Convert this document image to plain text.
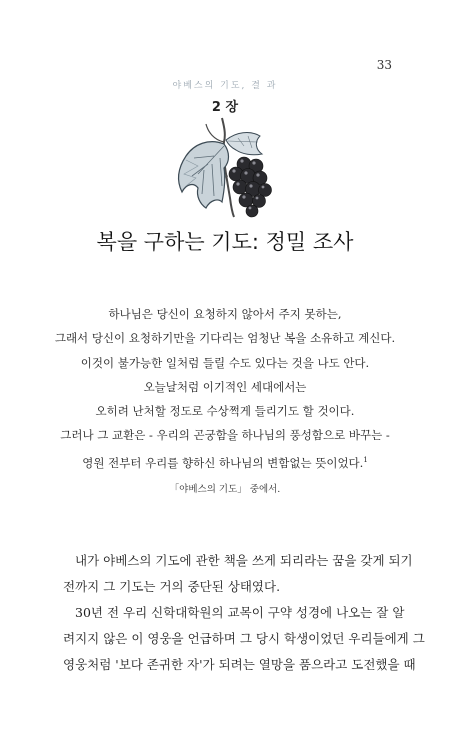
33
야베스의 기도, 결 과
2 장
복을 구하는 기도: 정밀 조사
하나님은 당신이 요청하지 않아서 주지 못하는,
그래서 당신이 요청하기만을 기다리는 엄청난 복을 소유하고 계신다.
이것이 불가능한 일처럼 들릴 수도 있다는 것을 나도 안다.
오늘날처럼 이기적인 세대에서는
오히려 난처할 정도로 수상쩍게 들리기도 할 것이다.
그러나 그 교환은 - 우리의 곤궁함을 하나님의 풍성함으로 바꾸는 -
영원 전부터 우리를 향하신 하나님의 변함없는 뜻이었다.$^1$
「야베스의 기도」 중에서.
내가 야베스의 기도에 관한 책을 쓰게 되리라는 꿈을 갖게 되기
전까지 그 기도는 거의 중단된 상태였다.
30년 전 우리 신학대학원의 교목이 구약 성경에 나오는 잘 알
려지지 않은 이 영웅을 언급하며 그 당시 학생이었던 우리들에게 그
영웅처럼 '보다 존귀한 자'가 되려는 열망을 품으라고 도전했을 때
